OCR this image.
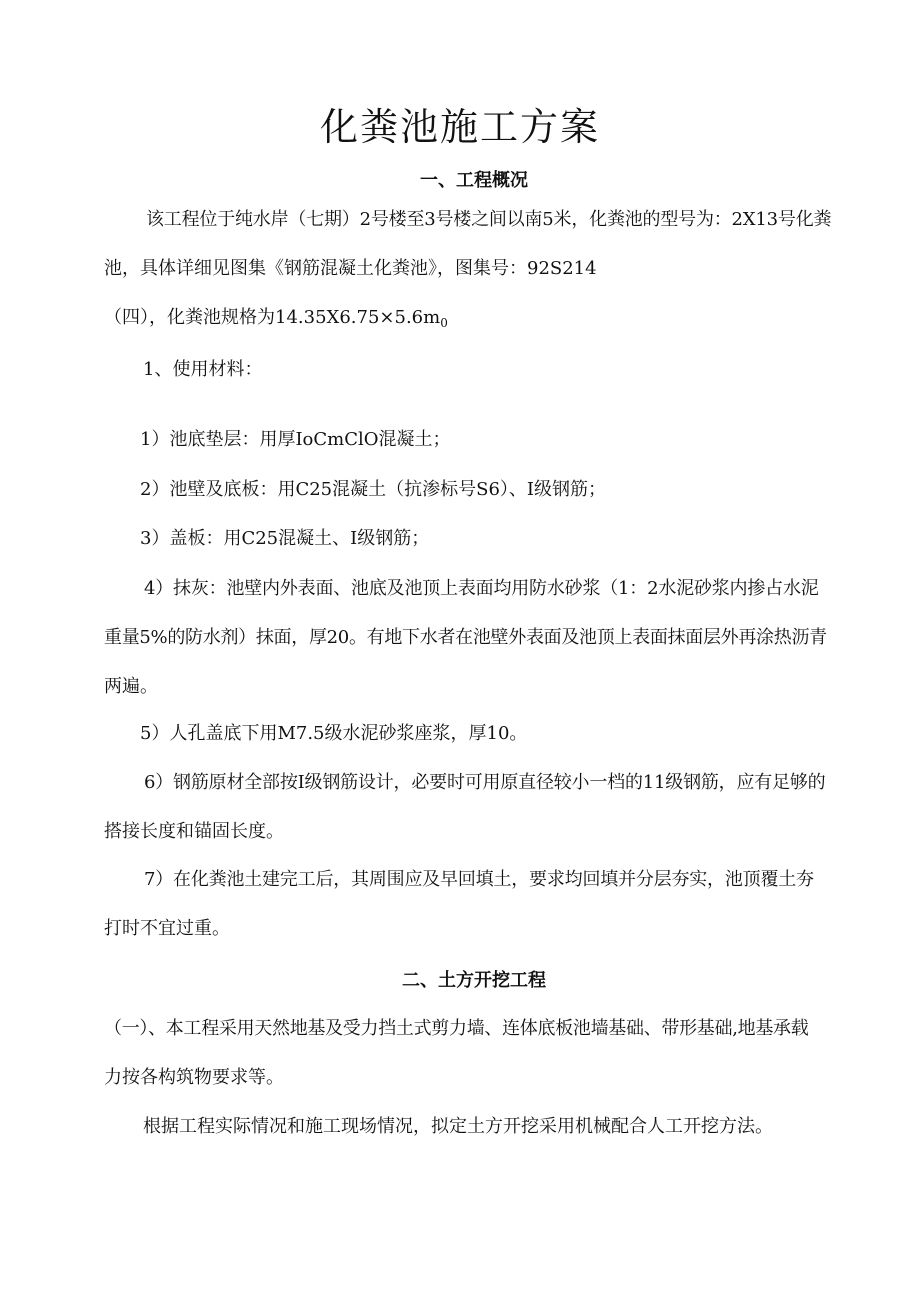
化粪池施工方案
一、工程概况

该工程位于纯水岸（七期）2号楼至3号楼之间以南5米，化粪池的型号为：2X13号化粪

池，具体详细见图集《钢筋混凝土化粪池》，图集号：92S214

（四），化粪池规格为$14.35X6.75\times 5.6m_0$

1、使用材料：

1）池底垫层：用厚IoCmClO混凝土；

2）池壁及底板：用C25混凝土（抗渗标号S6）、I级钢筋；

3）盖板：用C25混凝土、I级钢筋；

4）抹灰：池壁内外表面、池底及池顶上表面均用防水砂浆（1：2水泥砂浆内掺占水泥

重量5%的防水剂）抹面，厚20。有地下水者在池壁外表面及池顶上表面抹面层外再涂热沥青

两遍。

5）人孔盖底下用M7.5级水泥砂浆座浆，厚10。

6）钢筋原材全部按I级钢筋设计，必要时可用原直径较小一档的11级钢筋，应有足够的

搭接长度和锚固长度。

7）在化粪池土建完工后，其周围应及早回填土，要求均回填并分层夯实，池顶覆土夯

打时不宜过重。

二、土方开挖工程

（一）、本工程采用天然地基及受力挡土式剪力墙、连体底板池墙基础、带形基础,地基承载

力按各构筑物要求等。

根据工程实际情况和施工现场情况，拟定土方开挖采用机械配合人工开挖方法。
